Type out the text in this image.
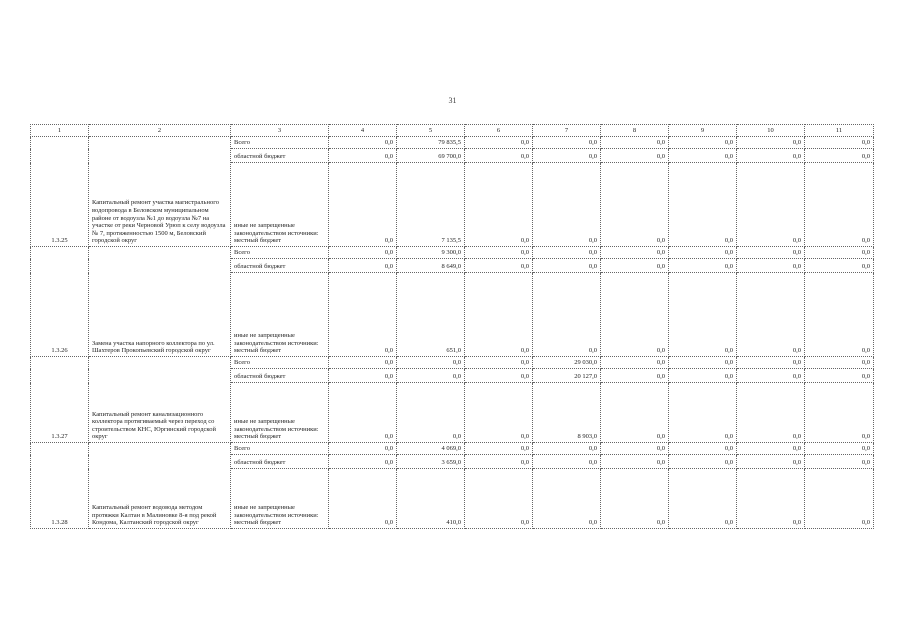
31
1	2	3	4	5	6	7	8	9	10	11
1.3.25	Капитальный ремонт участка магистрального водопровода в Беловском муниципальном районе от водоузла №1 до водоузла №7 на участке от реки Черновой Урюп к селу водоузла № 7, протяженностью 1500 м, Беловский городской округ	Всего	0,0	79 835,5	0,0	0,0	0,0	0,0	0,0	0,0
		областной бюджет	0,0	69 700,0	0,0	0,0	0,0	0,0	0,0	0,0
		иные не запрещенные законодательством источники: местный бюджет	0,0	7 135,5	0,0	0,0	0,0	0,0	0,0	0,0
1.3.26	Замена участка напорного коллектора по ул. Шахтеров Прокопьевский городской округ	Всего	0,0	9 300,0	0,0	0,0	0,0	0,0	0,0	0,0
		областной бюджет	0,0	8 649,0	0,0	0,0	0,0	0,0	0,0	0,0
		иные не запрещенные законодательством источники: местный бюджет	0,0	651,0	0,0	0,0	0,0	0,0	0,0	0,0
1.3.27	Капитальный ремонт канализационного коллектора протягиваемый через переход со строительством КНС, Юргинский городской округ	Всего	0,0	0,0	0,0	29 030,0	0,0	0,0	0,0	0,0
		областной бюджет	0,0	0,0	0,0	20 127,0	0,0	0,0	0,0	0,0
		иные не запрещенные законодательством источники: местный бюджет	0,0	0,0	0,0	8 903,0	0,0	0,0	0,0	0,0
1.3.28	Капитальный ремонт водовода методом протяжки Калтан в Малиновке 8-я под рекой Кондома, Калтанский городской округ	Всего	0,0	4 069,0	0,0	0,0	0,0	0,0	0,0	0,0
		областной бюджет	0,0	3 659,0	0,0	0,0	0,0	0,0	0,0	0,0
		иные не запрещенные законодательством источники: местный бюджет	0,0	410,0	0,0	0,0	0,0	0,0	0,0	0,0
